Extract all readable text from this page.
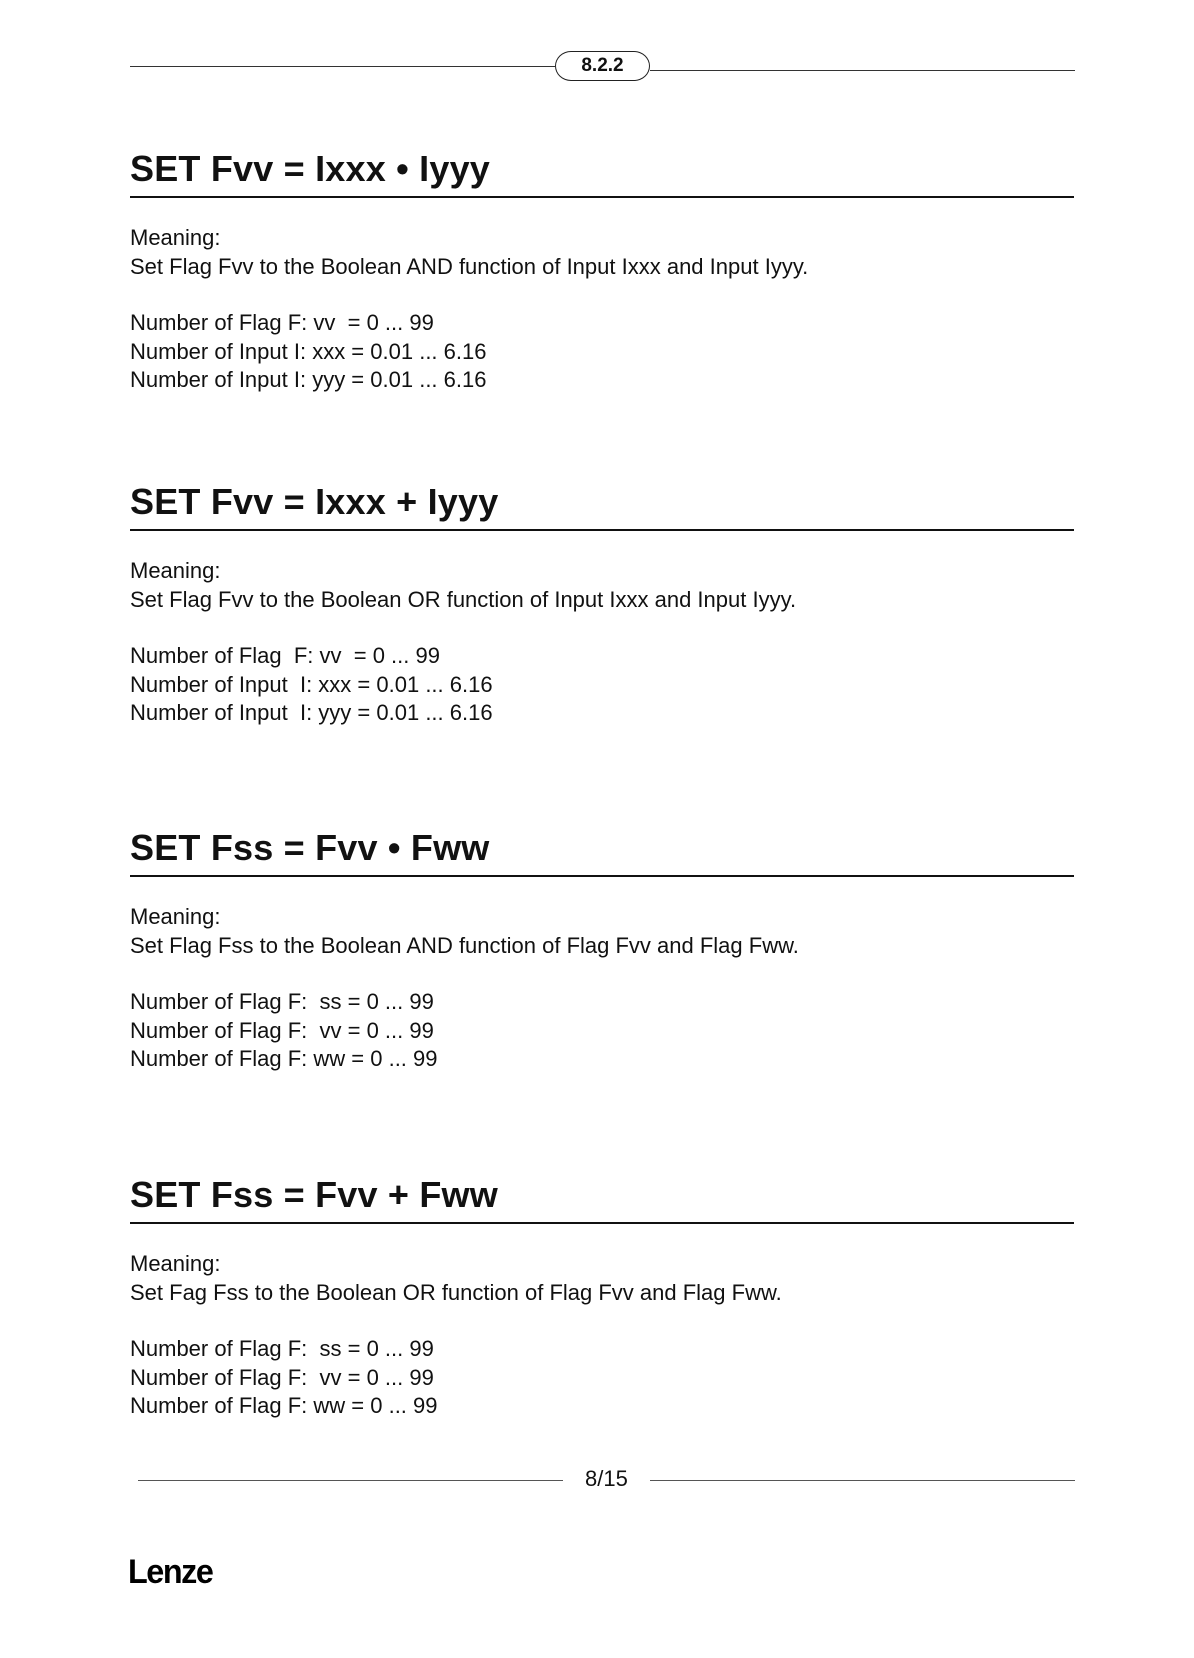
8.2.2
SET Fvv = Ixxx • Iyyy

Meaning:

Set Flag Fvv to the Boolean AND function of Input Ixxx and Input Iyyy.

Number of Flag F: vv  = 0 ... 99

Number of Input I: xxx = 0.01 ... 6.16

Number of Input I: yyy = 0.01 ... 6.16

SET Fvv = Ixxx + Iyyy

Meaning:

Set Flag Fvv to the Boolean OR function of Input Ixxx and Input Iyyy.

Number of Flag  F: vv  = 0 ... 99

Number of Input  I: xxx = 0.01 ... 6.16

Number of Input  I: yyy = 0.01 ... 6.16

SET Fss = Fvv • Fww

Meaning:

Set Flag Fss to the Boolean AND function of Flag Fvv and Flag Fww.

Number of Flag F:  ss = 0 ... 99

Number of Flag F:  vv = 0 ... 99

Number of Flag F: ww = 0 ... 99

SET Fss = Fvv + Fww

Meaning:

Set Fag Fss to the Boolean OR function of Flag Fvv and Flag Fww.

Number of Flag F:  ss = 0 ... 99

Number of Flag F:  vv = 0 ... 99

Number of Flag F: ww = 0 ... 99

8/15
Lenze
